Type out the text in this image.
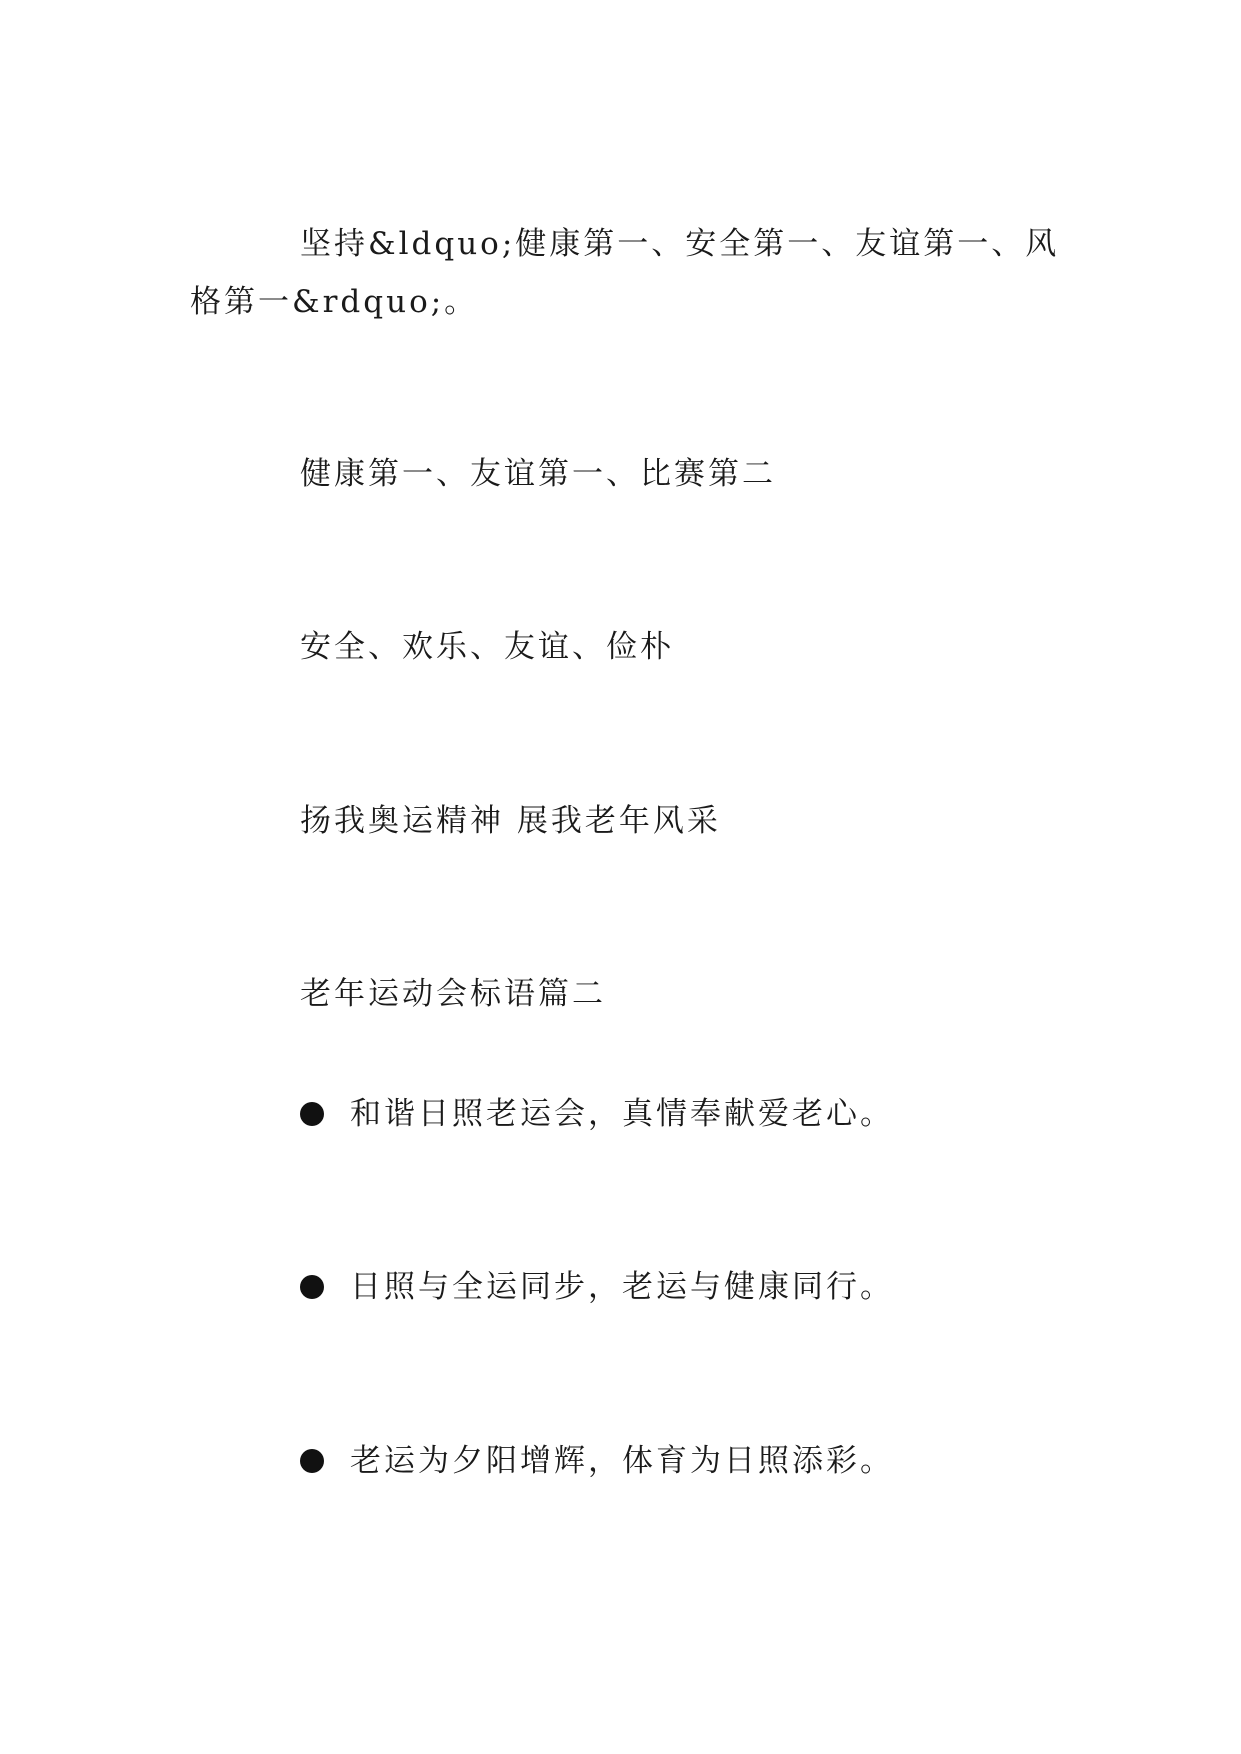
坚持&ldquo;健康第一、安全第一、友谊第一、风格第一&rdquo;。
健康第一、友谊第一、比赛第二
安全、欢乐、友谊、俭朴
扬我奥运精神 展我老年风采
老年运动会标语篇二
和谐日照老运会，真情奉献爱老心。
日照与全运同步，老运与健康同行。
老运为夕阳增辉，体育为日照添彩。
